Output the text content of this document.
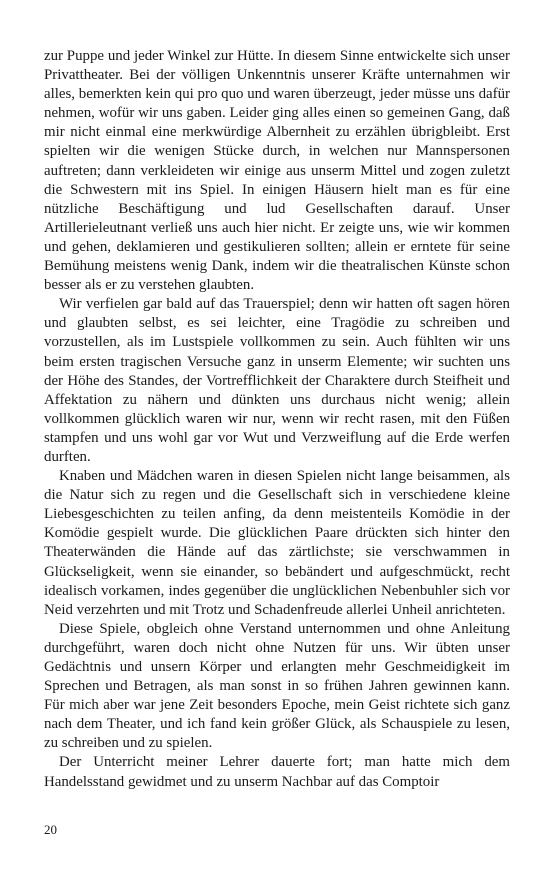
zur Puppe und jeder Winkel zur Hütte. In diesem Sinne entwickelte sich unser Privattheater. Bei der völligen Unkenntnis unserer Kräfte unternahmen wir alles, bemerkten kein qui pro quo und waren überzeugt, jeder müsse uns dafür nehmen, wofür wir uns gaben. Leider ging alles einen so gemeinen Gang, daß mir nicht einmal eine merkwürdige Albernheit zu erzählen übrigbleibt. Erst spielten wir die wenigen Stücke durch, in welchen nur Mannspersonen auftreten; dann verkleideten wir einige aus unserm Mittel und zogen zuletzt die Schwestern mit ins Spiel. In einigen Häusern hielt man es für eine nützliche Beschäftigung und lud Gesellschaften darauf. Unser Artillerieleutnant verließ uns auch hier nicht. Er zeigte uns, wie wir kommen und gehen, deklamieren und gestikulieren sollten; allein er erntete für seine Bemühung meistens wenig Dank, indem wir die theatralischen Künste schon besser als er zu verstehen glaubten.

Wir verfielen gar bald auf das Trauerspiel; denn wir hatten oft sagen hören und glaubten selbst, es sei leichter, eine Tragödie zu schreiben und vorzustellen, als im Lustspiele vollkommen zu sein. Auch fühlten wir uns beim ersten tragischen Versuche ganz in unserm Elemente; wir suchten uns der Höhe des Standes, der Vortrefflichkeit der Charaktere durch Steifheit und Affektation zu nähern und dünkten uns durchaus nicht wenig; allein vollkommen glücklich waren wir nur, wenn wir recht rasen, mit den Füßen stampfen und uns wohl gar vor Wut und Verzweiflung auf die Erde werfen durften.

Knaben und Mädchen waren in diesen Spielen nicht lange beisammen, als die Natur sich zu regen und die Gesellschaft sich in verschiedene kleine Liebesgeschichten zu teilen anfing, da denn meistenteils Komödie in der Komödie gespielt wurde. Die glücklichen Paare drückten sich hinter den Theaterwänden die Hände auf das zärtlichste; sie verschwammen in Glückseligkeit, wenn sie einander, so bebändert und aufgeschmückt, recht idealisch vorkamen, indes gegenüber die unglücklichen Nebenbuhler sich vor Neid verzehrten und mit Trotz und Schadenfreude allerlei Unheil anrichteten.

Diese Spiele, obgleich ohne Verstand unternommen und ohne Anleitung durchgeführt, waren doch nicht ohne Nutzen für uns. Wir übten unser Gedächtnis und unsern Körper und erlangten mehr Geschmeidigkeit im Sprechen und Betragen, als man sonst in so frühen Jahren gewinnen kann. Für mich aber war jene Zeit besonders Epoche, mein Geist richtete sich ganz nach dem Theater, und ich fand kein größer Glück, als Schauspiele zu lesen, zu schreiben und zu spielen.

Der Unterricht meiner Lehrer dauerte fort; man hatte mich dem Handelsstand gewidmet und zu unserm Nachbar auf das Comptoir

20
